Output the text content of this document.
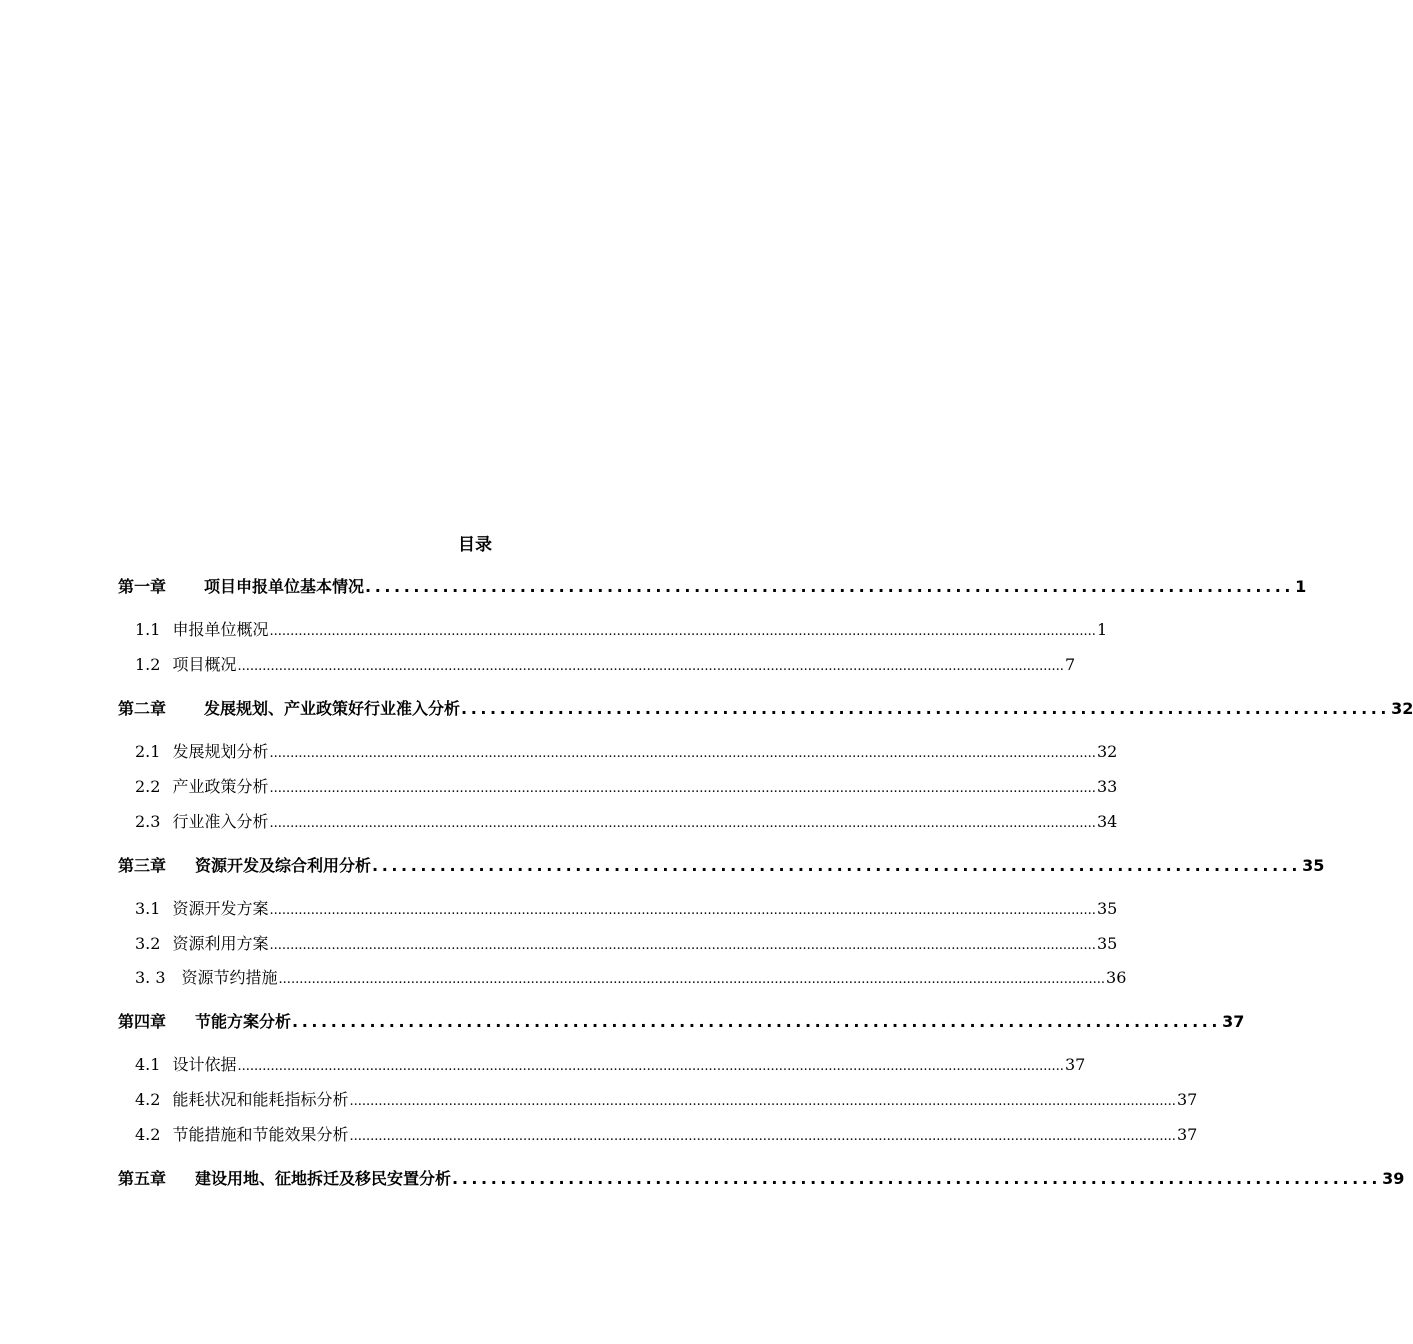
目录
第一章	项目申报单位基本情况 ................................................................................................ 1
1.1 申报单位概况 ........................................................................................................................................................................................................ 1
1.2 项目概况 ........................................................................................................................................................................................................ 7
第二章	发展规划、产业政策好行业准入分析 ................................................................................................ 32
2.1 发展规划分析 ........................................................................................................................................................................................................ 32
2.2 产业政策分析 ........................................................................................................................................................................................................ 33
2.3 行业准入分析 ........................................................................................................................................................................................................ 34
第三章	资源开发及综合利用分析 ................................................................................................ 35
3.1 资源开发方案 ........................................................................................................................................................................................................ 35
3.2 资源利用方案 ........................................................................................................................................................................................................ 35
3. 3	资源节约措施 ........................................................................................................................................................................................................ 36
第四章	节能方案分析 ................................................................................................ 37
4.1 设计依据 ........................................................................................................................................................................................................ 37
4.2 能耗状况和能耗指标分析 ........................................................................................................................................................................................................ 37
4.2 节能措施和节能效果分析 ........................................................................................................................................................................................................ 37
第五章	建设用地、征地拆迁及移民安置分析 ................................................................................................ 39
